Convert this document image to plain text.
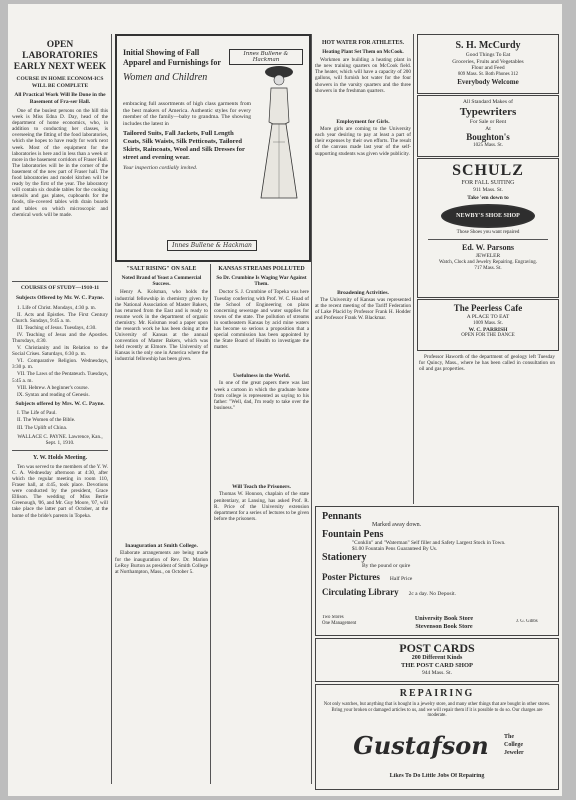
OPEN LABORATORIES
EARLY NEXT WEEK
COURSE IN HOME ECONOM-ICS WILL BE COMPLETE
All Practical Work Will Be Done in the Basement of Fra-ser Hall.

One of the busiest persons on the hill this week is Miss Edna D. Day, head of the department of home economics, who, in addition to conducting her classes, is overseeing the fitting of the food laboratories, which she hopes to have ready for work next week. Most of the equipment for the laboratories is here and in less than a week or more in the basement corridors of Fraser Hall. The laboratories will be in the corner of the basement of the new part of Fraser hall. The food laboratories and model kitchen will be ready by the first of the year. The laboratory will contain six double tables for the cooking utensils and gas plates, cupboards for the foods, tile-covered tables with drain boards and tables on which microscopic and chemical work will be made.

COURSES OF STUDY—1910-11
Subjects Offered by Mr. W. C. Payne.

1. Life of Christ. Mondays, 4:30 p. m.

II. Acts and Epistles. The First Century Church. Sundays, 9:45 a. m.

III. Teaching of Jesus. Tuesdays, 4:30.

IV. Teaching of Jesus and the Apostles. Thursdays, 4:30.

V. Christianity and its Relation to the Social Crises. Saturdays, 6:30 p. m.

VI. Comparative Religion. Wednesdays, 3:30 p. m.

VII. The Laws of the Pentateuch. Tuesdays, 5:45 a. m.

VIII. Hebrew. A beginner's course.

IX. Syntax and reading of Genesis.

Subjects offered by Mrs. W. C. Payne.

I. The Life of Paul.

II. The Women of the Bible.

III. The Uplift of China.

WALLACE C. PAYNE. Lawrence, Kan., Sept. 1, 1910.
Y. W. Holds Meeting.

Ten was served to the members of the Y. W. C. A. Wednesday afternoon at 4:30, after which the regular meeting in room 110, Fraser hall, at 4:45, took place. Devotions were conducted by the president, Grace Ellison. The wedding of Miss Bertie Greenough, '06, and Mr. Guy Moore, '07, will take place the latter part of October, at the home of the bride's parents in Topeka.

Initial Showing of Fall Apparel and Furnishings for
Women and Children
Innes Bullene & Hackman
embracing full assortments of high class garments from the best makers of America. Authentic styles for every member of the family—baby to grandma. The showing includes the latest in
Tailored Suits, Fall Jackets, Full Length Coats, Silk Waists, Silk Petticoats, Tailored Skirts, Raincoats, Wool and Silk Dresses for street and evening wear.
Your inspection cordially invited.
Innes Bullene & Hackman
"SALT RISING" ON SALE
Noted Brand of Yeast a Commercial Success.

Henry A. Kolsman, who holds the industrial fellowship in chemistry given by the National Association of Master Bakers, has returned from the East and is ready to resume work in the department of organic chemistry. Mr. Kolsman read a paper upon the research work he has been doing at the University of Kansas at the annual convention of Master Bakers, which was held recently at Elmore. The University of Kansas is the only one in America where the industrial fellowship has been given.

Inauguration at Smith College.

Elaborate arrangements are being made for the inauguration of Rev. Dr. Marion LeRoy Burton as president of Smith College at Northampton, Mass., on October 5.

KANSAS STREAMS POLLUTED
So Dr. Crumbine Is Waging War Against Them.

Doctor S. J. Crumbine of Topeka was here Tuesday conferring with Prof. W. C. Hoad of the School of Engineering on plans concerning sewerage and water supplies for towns of the state. The pollution of streams in southeastern Kansas by acid mine waters has become so serious a proposition that a special commission has been appointed by the State Board of Health to investigate the matter.

Usefulness in the World.

In one of the great papers there was last week a cartoon in which the graduate home from college is represented as saying to his father: "Well, dad, I'm ready to take over the business."

Will Teach the Prisoners.

Thomas W. Honnon, chaplain of the state penitentiary, at Lansing, has asked Prof. R. R. Price of the University extension department for a series of lectures to be given before the prisoners.

HOT WATER FOR ATHLETES.
Heating Plant Set Them on McCook.

Workmen are building a heating plant in the new training quarters on McCook field. The heater, which will have a capacity of 200 gallons, will furnish hot water for the four showers in the varsity quarters and the three showers in the freshman quarters.

Employment for Girls.

More girls are coming to the University each year desiring to pay at least a part of their expenses by their own efforts. The result of the canvass made last year of the self-supporting students was given wide publicity.

Broadening Activities.

The University of Kansas was represented at the recent meeting of the Tariff Federation of Lake Placid by Professor Frank H. Hodder and Professor Frank W. Blackmar.

S. H. McCurdy
Good Things To Eat
Groceries, Fruits and Vegetables
Flour and Feed
809 Mass. St. Both Phones 312
Everybody Welcome
All Standard Makes of
Typewriters
For Sale or Rent
At
Boughton's
1025 Mass. St.
SCHULZ
FOR FALL SUITING
911 Mass. St.
Take 'em down to
NEWBY'S SHOE SHOP
Those Shoes you want repaired
Ed. W. Parsons
JEWELER
Watch, Clock and Jewelry Repairing. Engraving.
717 Mass. St.
The Peerless Cafe
A PLACE TO EAT
1009 Mass. St.
W. C. PARRISH
OPEN FOR THE DANCE

Professor Haworth of the department of geology left Tuesday for Quincy, Mass., where he has been called in consultation on oil and gas properties.

Pennants
Marked away down.
Fountain Pens
"Conklin" and "Waterman" Self filler and Safety Largest Stock in Town.
$1.00 Fountain Pens Guaranteed By Us.
Stationery
By the pound or quire
Poster Pictures Half Price
Circulating Library 2c a day. No Deposit.
Two Stores
One Management
University Book Store
Stevenson Book Store
J. G. Gibbs
POST CARDS
200 Different Kinds
THE POST CARD SHOP
944 Mass. St.
REPAIRING
Not only watches, but anything that is bought in a jewelry store, and many other things that are bought in other stores. Bring your broken or damaged articles to us, and we will repair them if it is possible to do so. Our charges are moderate.
Gustafson	The
College
Jeweler
Likes To Do Little Jobs Of Repairing
